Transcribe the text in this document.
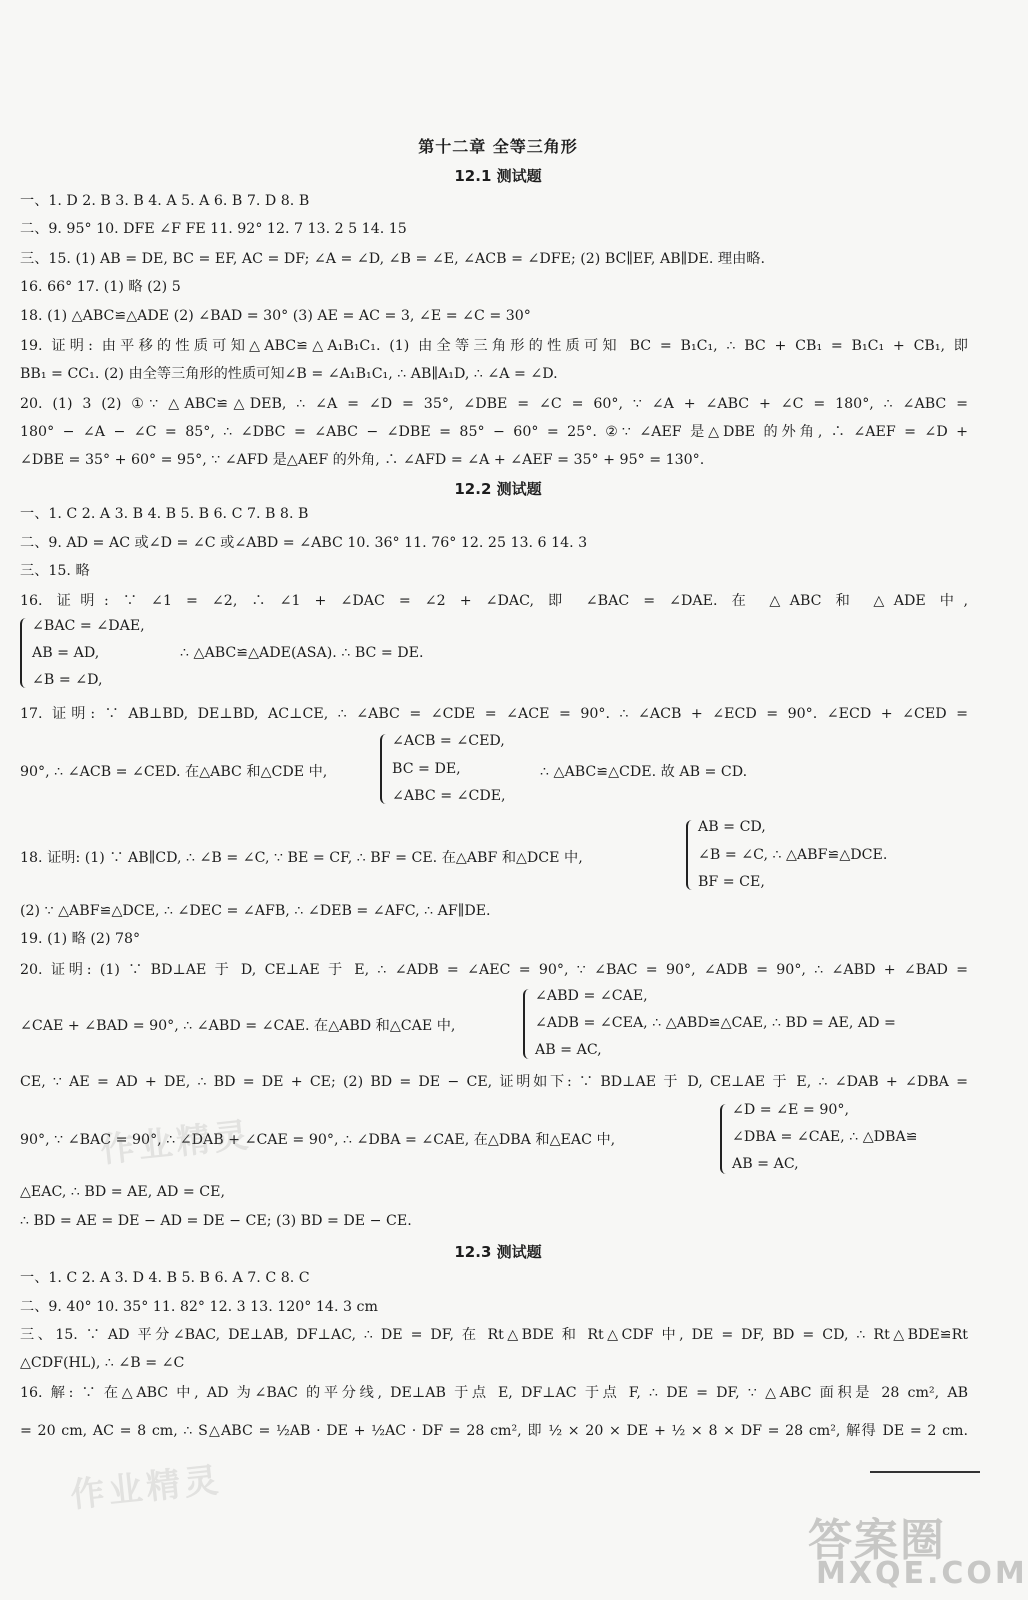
第十二章 全等三角形
12.1 测试题
一、1. D 2. B 3. B 4. A 5. A 6. B 7. D 8. B
二、9. 95° 10. DFE ∠F FE 11. 92° 12. 7 13. 2 5 14. 15
三、15. (1) AB = DE, BC = EF, AC = DF; ∠A = ∠D, ∠B = ∠E, ∠ACB = ∠DFE; (2) BC∥EF, AB∥DE. 理由略.
16. 66° 17. (1) 略 (2) 5
18. (1) △ABC≌△ADE (2) ∠BAD = 30° (3) AE = AC = 3, ∠E = ∠C = 30°
19. 证明: 由平移的性质可知△ABC≌△A₁B₁C₁. (1) 由全等三角形的性质可知 BC = B₁C₁, ∴ BC + CB₁ = B₁C₁ + CB₁, 即
BB₁ = CC₁. (2) 由全等三角形的性质可知∠B = ∠A₁B₁C₁, ∴ AB∥A₁D, ∴ ∠A = ∠D.
20. (1) 3 (2) ①∵ △ABC≌△DEB, ∴ ∠A = ∠D = 35°, ∠DBE = ∠C = 60°, ∵ ∠A + ∠ABC + ∠C = 180°, ∴ ∠ABC =
180° − ∠A − ∠C = 85°, ∴ ∠DBC = ∠ABC − ∠DBE = 85° − 60° = 25°. ②∵ ∠AEF 是△DBE 的外角, ∴ ∠AEF = ∠D +
∠DBE = 35° + 60° = 95°, ∵ ∠AFD 是△AEF 的外角, ∴ ∠AFD = ∠A + ∠AEF = 35° + 95° = 130°.
12.2 测试题
一、1. C 2. A 3. B 4. B 5. B 6. C 7. B 8. B
二、9. AD = AC 或∠D = ∠C 或∠ABD = ∠ABC 10. 36° 11. 76° 12. 25 13. 6 14. 3
三、15. 略
16. 证明: ∵ ∠1 = ∠2, ∴ ∠1 + ∠DAC = ∠2 + ∠DAC, 即 ∠BAC = ∠DAE. 在 △ABC 和 △ADE 中,
∠BAC = ∠DAE,
AB = AD,
∠B = ∠D,
∴ △ABC≌△ADE(ASA). ∴ BC = DE.
17. 证明: ∵ AB⊥BD, DE⊥BD, AC⊥CE, ∴ ∠ABC = ∠CDE = ∠ACE = 90°. ∴ ∠ACB + ∠ECD = 90°. ∠ECD + ∠CED =
90°, ∴ ∠ACB = ∠CED. 在△ABC 和△CDE 中,
∠ACB = ∠CED,
BC = DE,
∠ABC = ∠CDE,
∴ △ABC≌△CDE. 故 AB = CD.
18. 证明: (1) ∵ AB∥CD, ∴ ∠B = ∠C, ∵ BE = CF, ∴ BF = CE. 在△ABF 和△DCE 中,
AB = CD,
∠B = ∠C, ∴ △ABF≌△DCE.
BF = CE,
(2) ∵ △ABF≌△DCE, ∴ ∠DEC = ∠AFB, ∴ ∠DEB = ∠AFC, ∴ AF∥DE.
19. (1) 略 (2) 78°
20. 证明: (1) ∵ BD⊥AE 于 D, CE⊥AE 于 E, ∴ ∠ADB = ∠AEC = 90°, ∵ ∠BAC = 90°, ∠ADB = 90°, ∴ ∠ABD + ∠BAD =
∠CAE + ∠BAD = 90°, ∴ ∠ABD = ∠CAE. 在△ABD 和△CAE 中,
∠ABD = ∠CAE,
∠ADB = ∠CEA, ∴ △ABD≌△CAE, ∴ BD = AE, AD =
AB = AC,
CE, ∵ AE = AD + DE, ∴ BD = DE + CE; (2) BD = DE − CE, 证明如下: ∵ BD⊥AE 于 D, CE⊥AE 于 E, ∴ ∠DAB + ∠DBA =
90°, ∵ ∠BAC = 90°, ∴ ∠DAB + ∠CAE = 90°, ∴ ∠DBA = ∠CAE, 在△DBA 和△EAC 中,
∠D = ∠E = 90°,
∠DBA = ∠CAE, ∴ △DBA≌
AB = AC,
△EAC, ∴ BD = AE, AD = CE,
∴ BD = AE = DE − AD = DE − CE; (3) BD = DE − CE.
12.3 测试题
一、1. C 2. A 3. D 4. B 5. B 6. A 7. C 8. C
二、9. 40° 10. 35° 11. 82° 12. 3 13. 120° 14. 3 cm
三、15. ∵ AD 平分∠BAC, DE⊥AB, DF⊥AC, ∴ DE = DF, 在 Rt△BDE 和 Rt△CDF 中, DE = DF, BD = CD, ∴ Rt△BDE≌Rt
△CDF(HL), ∴ ∠B = ∠C
16. 解: ∵ 在△ABC 中, AD 为∠BAC 的平分线, DE⊥AB 于点 E, DF⊥AC 于点 F, ∴ DE = DF, ∵ △ABC 面积是 28 cm², AB
= 20 cm, AC = 8 cm, ∴ S△ABC = ½AB · DE + ½AC · DF = 28 cm², 即 ½ × 20 × DE + ½ × 8 × DF = 28 cm², 解得 DE = 2 cm.
作业精灵
作业精灵
答案圈
MXQE.COM
